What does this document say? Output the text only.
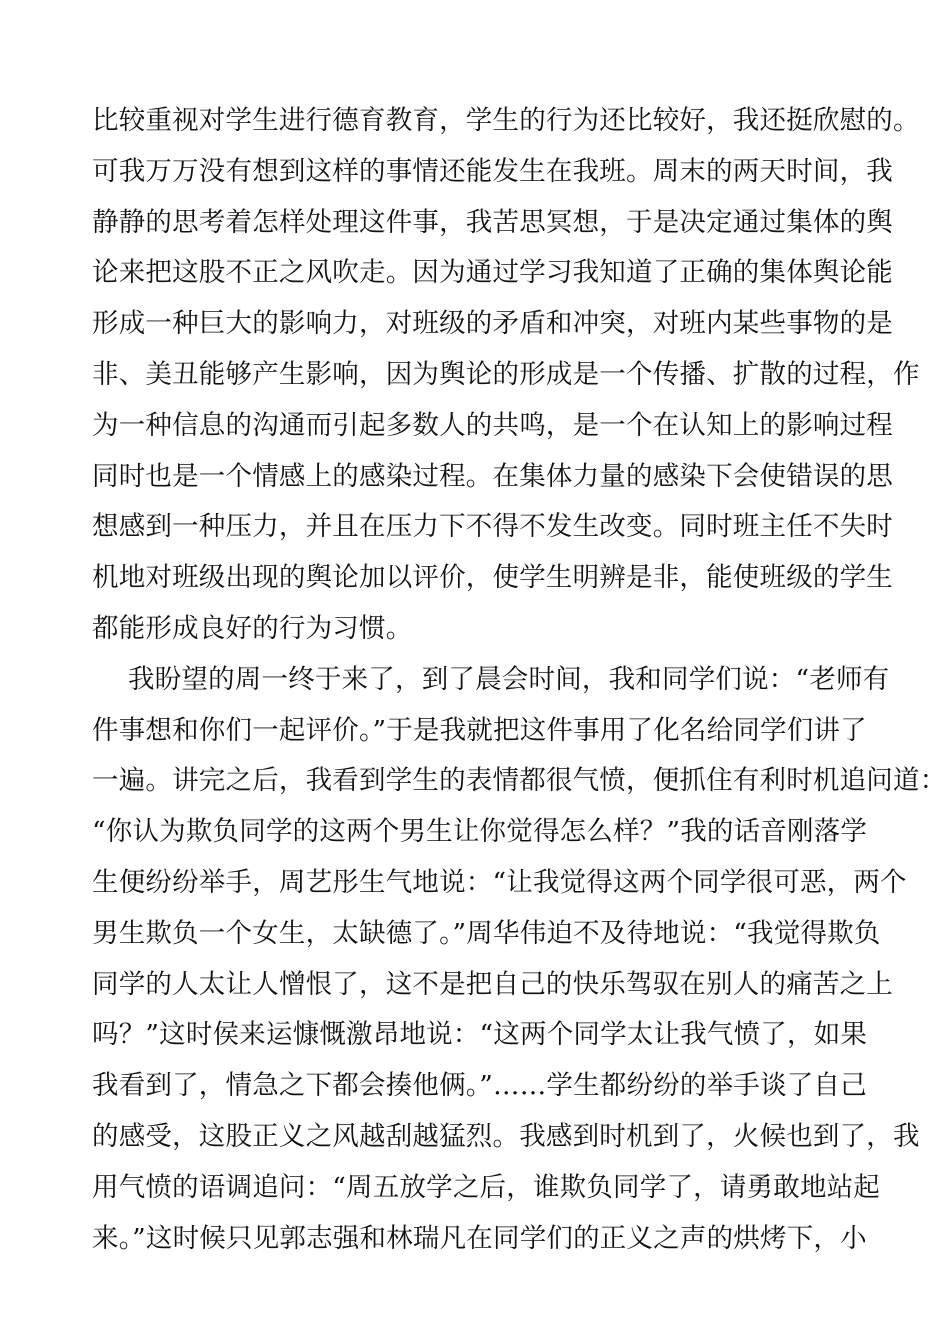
比较重视对学生进行德育教育，学生的行为还比较好，我还挺欣慰的。
可我万万没有想到这样的事情还能发生在我班。周末的两天时间，我
静静的思考着怎样处理这件事，我苦思冥想，于是决定通过集体的舆
论来把这股不正之风吹走。因为通过学习我知道了正确的集体舆论能
形成一种巨大的影响力，对班级的矛盾和冲突，对班内某些事物的是
非、美丑能够产生影响，因为舆论的形成是一个传播、扩散的过程，作
为一种信息的沟通而引起多数人的共鸣，是一个在认知上的影响过程
同时也是一个情感上的感染过程。在集体力量的感染下会使错误的思
想感到一种压力，并且在压力下不得不发生改变。同时班主任不失时
机地对班级出现的舆论加以评价，使学生明辨是非，能使班级的学生
都能形成良好的行为习惯。
我盼望的周一终于来了，到了晨会时间，我和同学们说：“老师有
件事想和你们一起评价。”于是我就把这件事用了化名给同学们讲了
一遍。讲完之后，我看到学生的表情都很气愤，便抓住有利时机追问道：
“你认为欺负同学的这两个男生让你觉得怎么样？”我的话音刚落学
生便纷纷举手，周艺彤生气地说：“让我觉得这两个同学很可恶，两个
男生欺负一个女生，太缺德了。”周华伟迫不及待地说：“我觉得欺负
同学的人太让人憎恨了，这不是把自己的快乐驾驭在别人的痛苦之上
吗？”这时侯来运慷慨激昂地说：“这两个同学太让我气愤了，如果
我看到了，情急之下都会揍他俩。”……学生都纷纷的举手谈了自己
的感受，这股正义之风越刮越猛烈。我感到时机到了，火候也到了，我
用气愤的语调追问：“周五放学之后，谁欺负同学了，请勇敢地站起
来。”这时候只见郭志强和林瑞凡在同学们的正义之声的烘烤下，小
